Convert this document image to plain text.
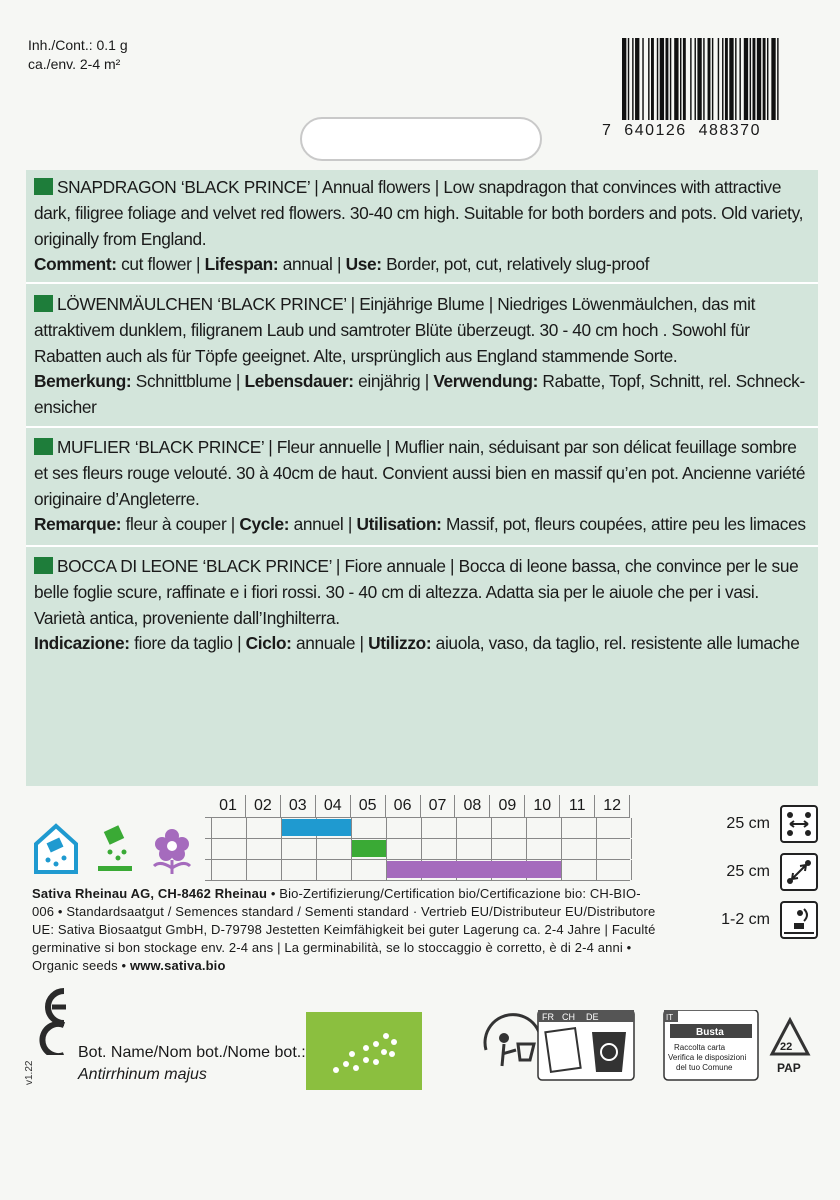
Inh./Cont.: 0.1 g
ca./env. 2-4 m²
7  640126  488370
SNAPDRAGON ‘BLACK PRINCE’ | Annual flowers | Low snapdragon that convinces with attractive dark, filigree foliage and velvet red flowers. 30-40 cm high. Suitable for both borders and pots. Old variety, originally from England.
Comment: cut flower | Lifespan: annual | Use: Border, pot, cut, relatively slug-proof
LÖWENMÄULCHEN ‘BLACK PRINCE’ | Einjährige Blume | Niedriges Löwenmäulchen, das mit attraktivem dunklem, filigranem Laub und samtroter Blüte überzeugt. 30 - 40 cm hoch . Sowohl für Rabatten auch als für Töpfe geeignet. Alte, ursprünglich aus England stammende Sorte.
Bemerkung: Schnittblume | Lebensdauer: einjährig | Verwendung: Rabatte, Topf, Schnitt, rel. Schneck-ensicher
MUFLIER ‘BLACK PRINCE’ | Fleur annuelle | Muflier nain, séduisant par son délicat feuillage sombre et ses fleurs rouge velouté. 30 à 40cm de haut. Convient aussi bien en massif qu’en pot. Ancienne variété originaire d’Angleterre.
Remarque: fleur à couper | Cycle: annuel | Utilisation: Massif, pot, fleurs coupées, attire peu les limaces
BOCCA DI LEONE ‘BLACK PRINCE’ | Fiore annuale | Bocca di leone bassa, che convince per le sue belle foglie scure, raffinate e i fiori rossi. 30 - 40 cm di altezza. Adatta sia per le aiuole che per i vasi. Varietà antica, proveniente dall’Inghilterra.
Indicazione: fiore da taglio | Ciclo: annuale | Utilizzo: aiuola, vaso, da taglio, rel. resistente alle lumache
01	02	03	04	05	06	07	08	09	10	11	12
25 cm
25 cm
1-2 cm
Sativa Rheinau AG, CH-8462 Rheinau • Bio-Zertifizierung/Certification bio/Certificazione bio: CH-BIO-006 • Standardsaatgut / Semences standard / Sementi standard · Vertrieb EU/Distributeur EU/Distributore UE: Sativa Biosaatgut GmbH, D-79798 Jestetten Keimfähigkeit bei guter Lagerung ca. 2-4 Jahre | Faculté germinative si bon stockage env. 2-4 ans | La germinabilità, se lo stoccaggio è corretto, è di 2-4 anni • Organic seeds • www.sativa.bio
v1.22
Bot. Name/Nom bot./Nome bot.:
Antirrhinum majus
FR CH DE	IT
Busta
Raccolta carta
Verifica le disposizioni
del tuo Comune
22
PAP
